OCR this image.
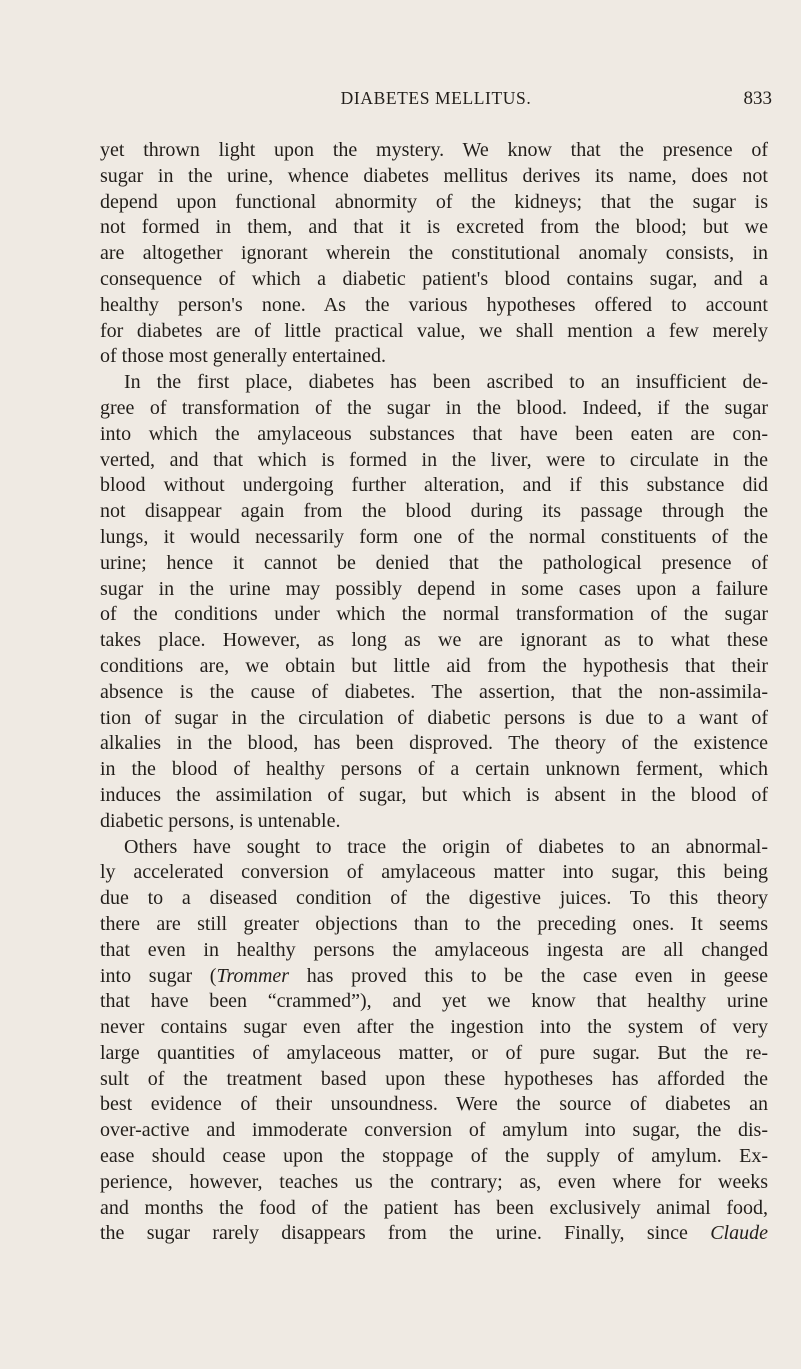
DIABETES MELLITUS.	833
yet thrown light upon the mystery. We know that the presence of
sugar in the urine, whence diabetes mellitus derives its name, does not
depend upon functional abnormity of the kidneys; that the sugar is
not formed in them, and that it is excreted from the blood; but we
are altogether ignorant wherein the constitutional anomaly consists, in
consequence of which a diabetic patient's blood contains sugar, and a
healthy person's none. As the various hypotheses offered to account
for diabetes are of little practical value, we shall mention a few merely
of those most generally entertained.
In the first place, diabetes has been ascribed to an insufficient de-
gree of transformation of the sugar in the blood. Indeed, if the sugar
into which the amylaceous substances that have been eaten are con-
verted, and that which is formed in the liver, were to circulate in the
blood without undergoing further alteration, and if this substance did
not disappear again from the blood during its passage through the
lungs, it would necessarily form one of the normal constituents of the
urine; hence it cannot be denied that the pathological presence of
sugar in the urine may possibly depend in some cases upon a failure
of the conditions under which the normal transformation of the sugar
takes place. However, as long as we are ignorant as to what these
conditions are, we obtain but little aid from the hypothesis that their
absence is the cause of diabetes. The assertion, that the non-assimila-
tion of sugar in the circulation of diabetic persons is due to a want of
alkalies in the blood, has been disproved. The theory of the existence
in the blood of healthy persons of a certain unknown ferment, which
induces the assimilation of sugar, but which is absent in the blood of
diabetic persons, is untenable.
Others have sought to trace the origin of diabetes to an abnormal-
ly accelerated conversion of amylaceous matter into sugar, this being
due to a diseased condition of the digestive juices. To this theory
there are still greater objections than to the preceding ones. It seems
that even in healthy persons the amylaceous ingesta are all changed
into sugar (Trommer has proved this to be the case even in geese
that have been “crammed”), and yet we know that healthy urine
never contains sugar even after the ingestion into the system of very
large quantities of amylaceous matter, or of pure sugar. But the re-
sult of the treatment based upon these hypotheses has afforded the
best evidence of their unsoundness. Were the source of diabetes an
over-active and immoderate conversion of amylum into sugar, the dis-
ease should cease upon the stoppage of the supply of amylum. Ex-
perience, however, teaches us the contrary; as, even where for weeks
and months the food of the patient has been exclusively animal food,
the sugar rarely disappears from the urine. Finally, since Claude
